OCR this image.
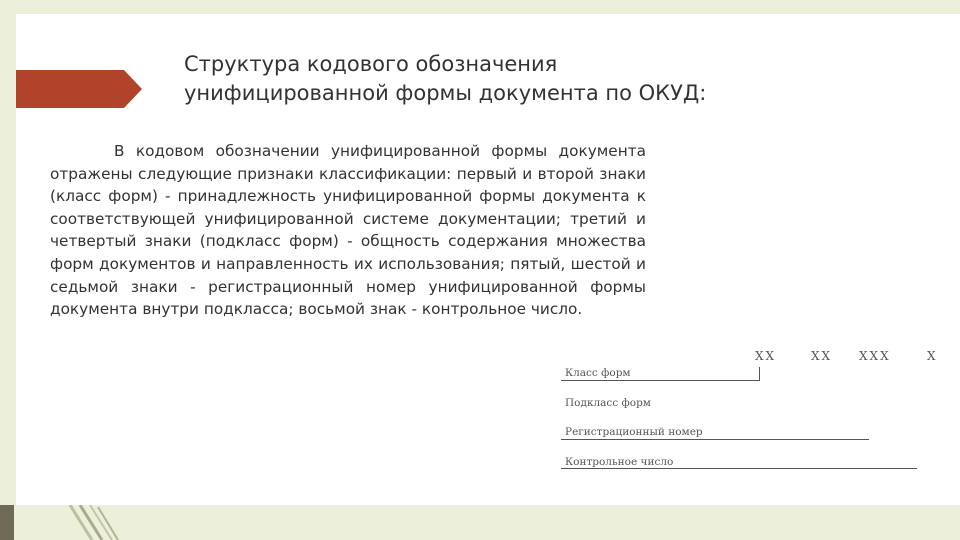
Структура кодового обозначения
унифицированной формы документа по ОКУД:

В кодовом обозначении унифицированной формы документа отражены следующие признаки классификации: первый и второй знаки (класс форм) - принадлежность унифицированной формы документа к соответствующей унифицированной системе документации; третий и четвертый знаки (подкласс форм) - общность содержания множества форм документов и направленность их использования; пятый, шестой и седьмой знаки - регистрационный номер унифицированной формы документа внутри подкласса; восьмой знак - контрольное число.

XX	XX XXX	X
Класс форм
Подкласс форм
Регистрационный номер
Контрольное число
